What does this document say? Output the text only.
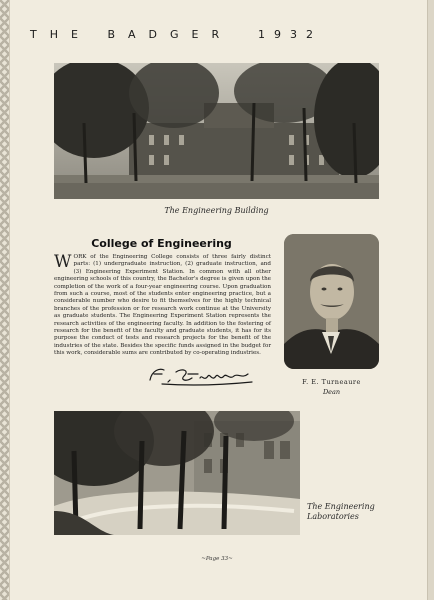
THE BADGER	1932
The Engineering Building
College of Engineering
WORK of the Engineering College consists of three fairly distinct parts: (1) undergraduate instruction, (2) graduate instruction, and (3) Engineering Experiment Station. In common with all other engineering schools of this country, the Bachelor's degree is given upon the completion of the work of a four-year engineering course. Upon graduation from such a course, most of the students enter engineering practice, but a considerable number who desire to fit themselves for the highly technical branches of the profession or for research work continue at the University as graduate students. The Engineering Experiment Station represents the research activities of the engineering faculty. In addition to the fostering of research for the benefit of the faculty and graduate students, it has for its purpose the conduct of tests and research projects for the benefit of the industries of the state. Besides the specific funds assigned in the budget for this work, considerable sums are contributed by co-operating industries.
F. E. Turneaure
Dean
The Engineering Laboratories
~Page 33~
